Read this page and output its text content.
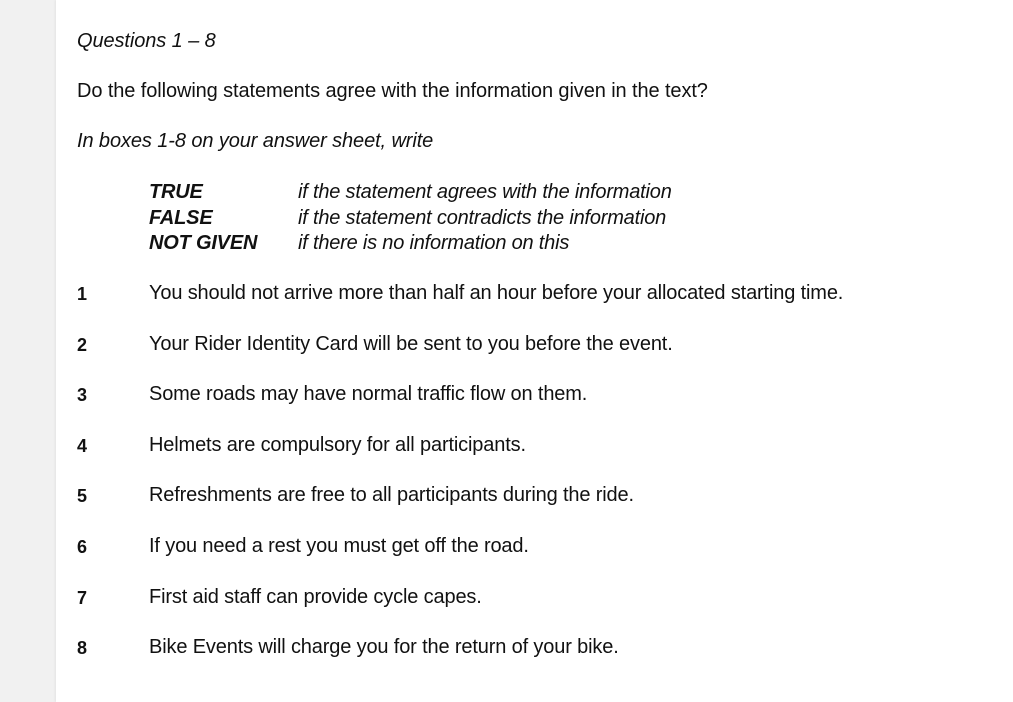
Questions 1 – 8
Do the following statements agree with the information given in the text?
In boxes 1-8 on your answer sheet, write
TRUE	if the statement agrees with the information
FALSE	if the statement contradicts the information
NOT GIVEN	if there is no information on this
1	You should not arrive more than half an hour before your allocated starting time.
2	Your Rider Identity Card will be sent to you before the event.
3	Some roads may have normal traffic flow on them.
4	Helmets are compulsory for all participants.
5	Refreshments are free to all participants during the ride.
6	If you need a rest you must get off the road.
7	First aid staff can provide cycle capes.
8	Bike Events will charge you for the return of your bike.
